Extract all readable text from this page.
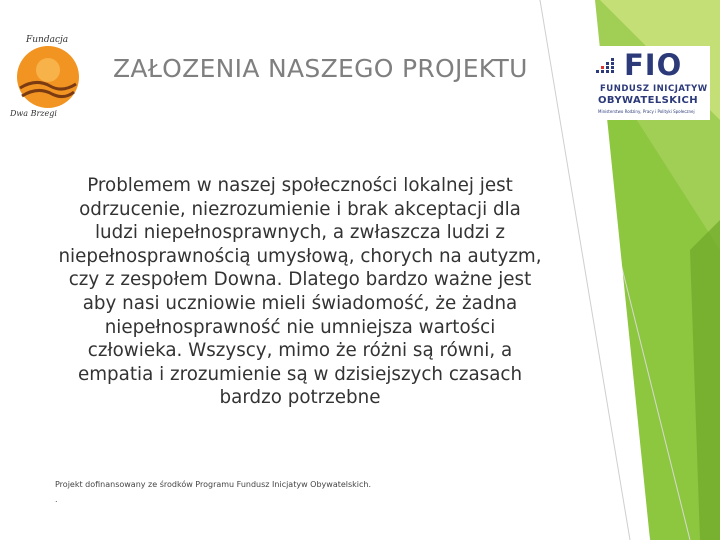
Fundacja
Dwa Brzegi
ZAŁOZENIA NASZEGO PROJEKTU	FIO
FUNDUSZ INICJATYW
OBYWATELSKICH
Ministerstwo Rodziny, Pracy i Polityki Społecznej
Problemem w naszej społeczności lokalnej jest odrzucenie, niezrozumienie i brak akceptacji dla ludzi niepełnosprawnych, a zwłaszcza ludzi z niepełnosprawnością umysłową, chorych na autyzm, czy z zespołem Downa. Dlatego bardzo ważne jest aby nasi uczniowie mieli świadomość, że żadna niepełnosprawność nie umniejsza wartości człowieka. Wszyscy, mimo że różni są równi, a empatia i zrozumienie są w dzisiejszych czasach bardzo potrzebne
Projekt dofinansowany ze środków Programu Fundusz Inicjatyw Obywatelskich.
.
